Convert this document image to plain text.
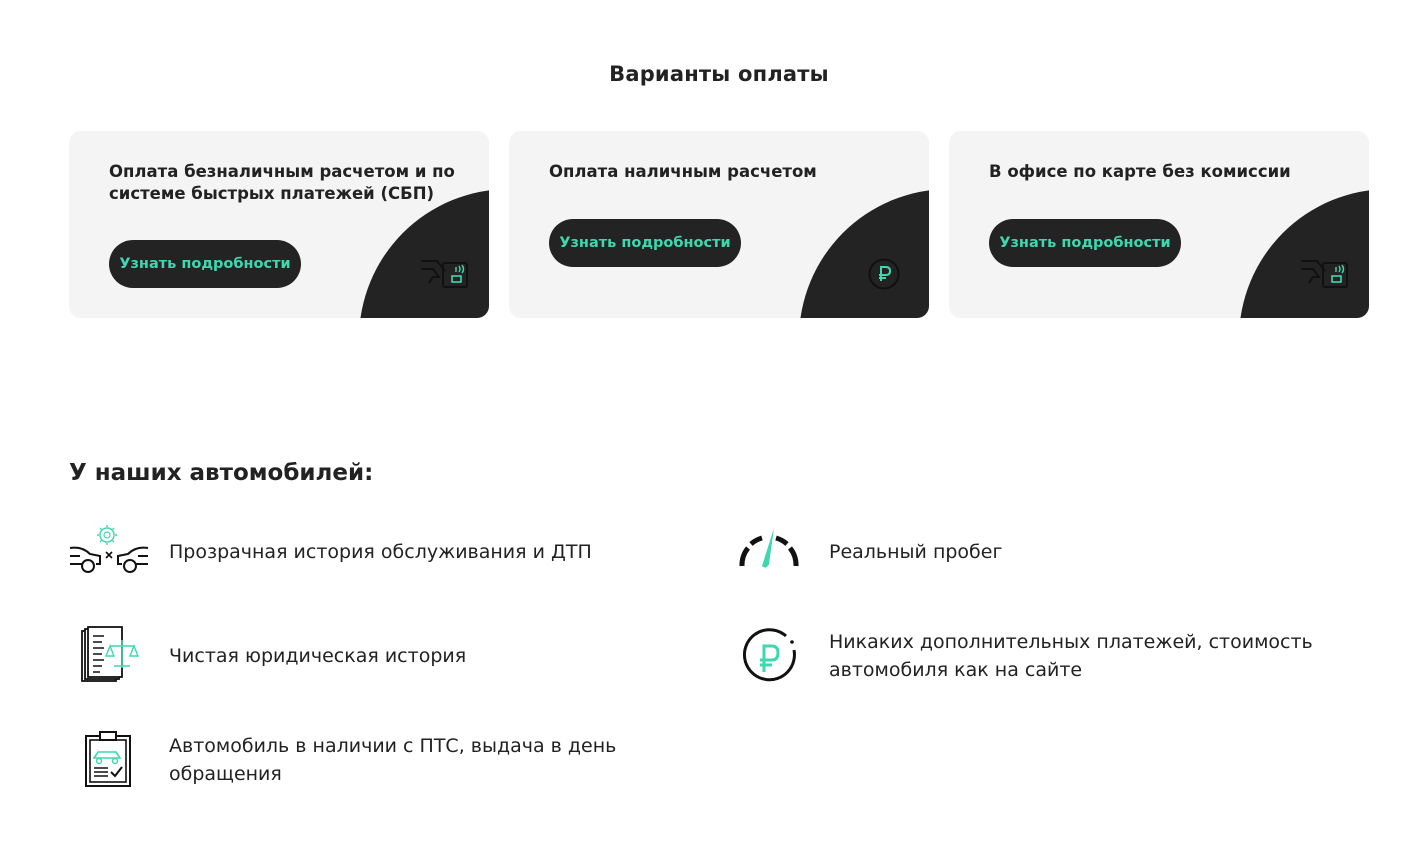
Варианты оплаты

Оплата безналичным расчетом и по системе быстрых платежей (СБП)

Узнать подробности

Оплата наличным расчетом

Узнать подробности

В офисе по карте без комиссии

Узнать подробности
У наших автомобилей:

Прозрачная история обслуживания и ДТП	Реальный пробег

Чистая юридическая история

Никаких дополнительных платежей, стоимость автомобиля как на сайте

Автомобиль в наличии с ПТС, выдача в день обращения
